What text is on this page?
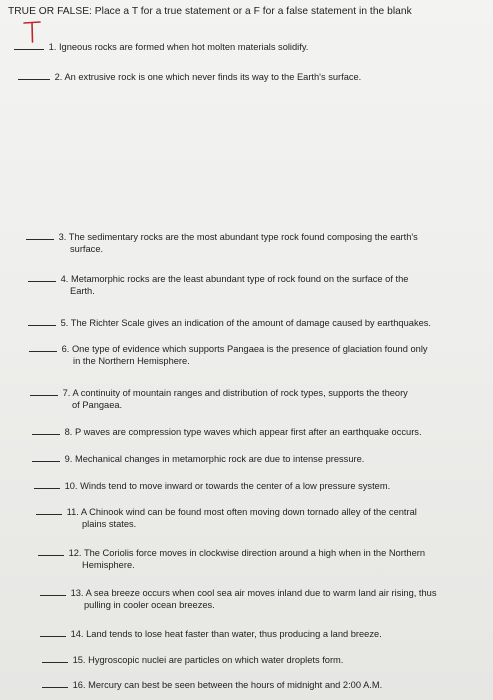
TRUE OR FALSE: Place a T for a true statement or a F for a false statement in the blank
1. Igneous rocks are formed when hot molten materials solidify.
2. An extrusive rock is one which never finds its way to the Earth's surface.
3. The sedimentary rocks are the most abundant type rock found composing the earth's
surface.
4. Metamorphic rocks are the least abundant type of rock found on the surface of the
Earth.
5. The Richter Scale gives an indication of the amount of damage caused by earthquakes.
6. One type of evidence which supports Pangaea is the presence of glaciation found only
in the Northern Hemisphere.
7. A continuity of mountain ranges and distribution of rock types, supports the theory
of Pangaea.
8. P waves are compression type waves which appear first after an earthquake occurs.
9. Mechanical changes in metamorphic rock are due to intense pressure.
10. Winds tend to move inward or towards the center of a low pressure system.
11. A Chinook wind can be found most often moving down tornado alley of the central
plains states.
12. The Coriolis force moves in clockwise direction around a high when in the Northern
Hemisphere.
13. A sea breeze occurs when cool sea air moves inland due to warm land air rising, thus
pulling in cooler ocean breezes.
14. Land tends to lose heat faster than water, thus producing a land breeze.
15. Hygroscopic nuclei are particles on which water droplets form.
16. Mercury can best be seen between the hours of midnight and 2:00 A.M.
